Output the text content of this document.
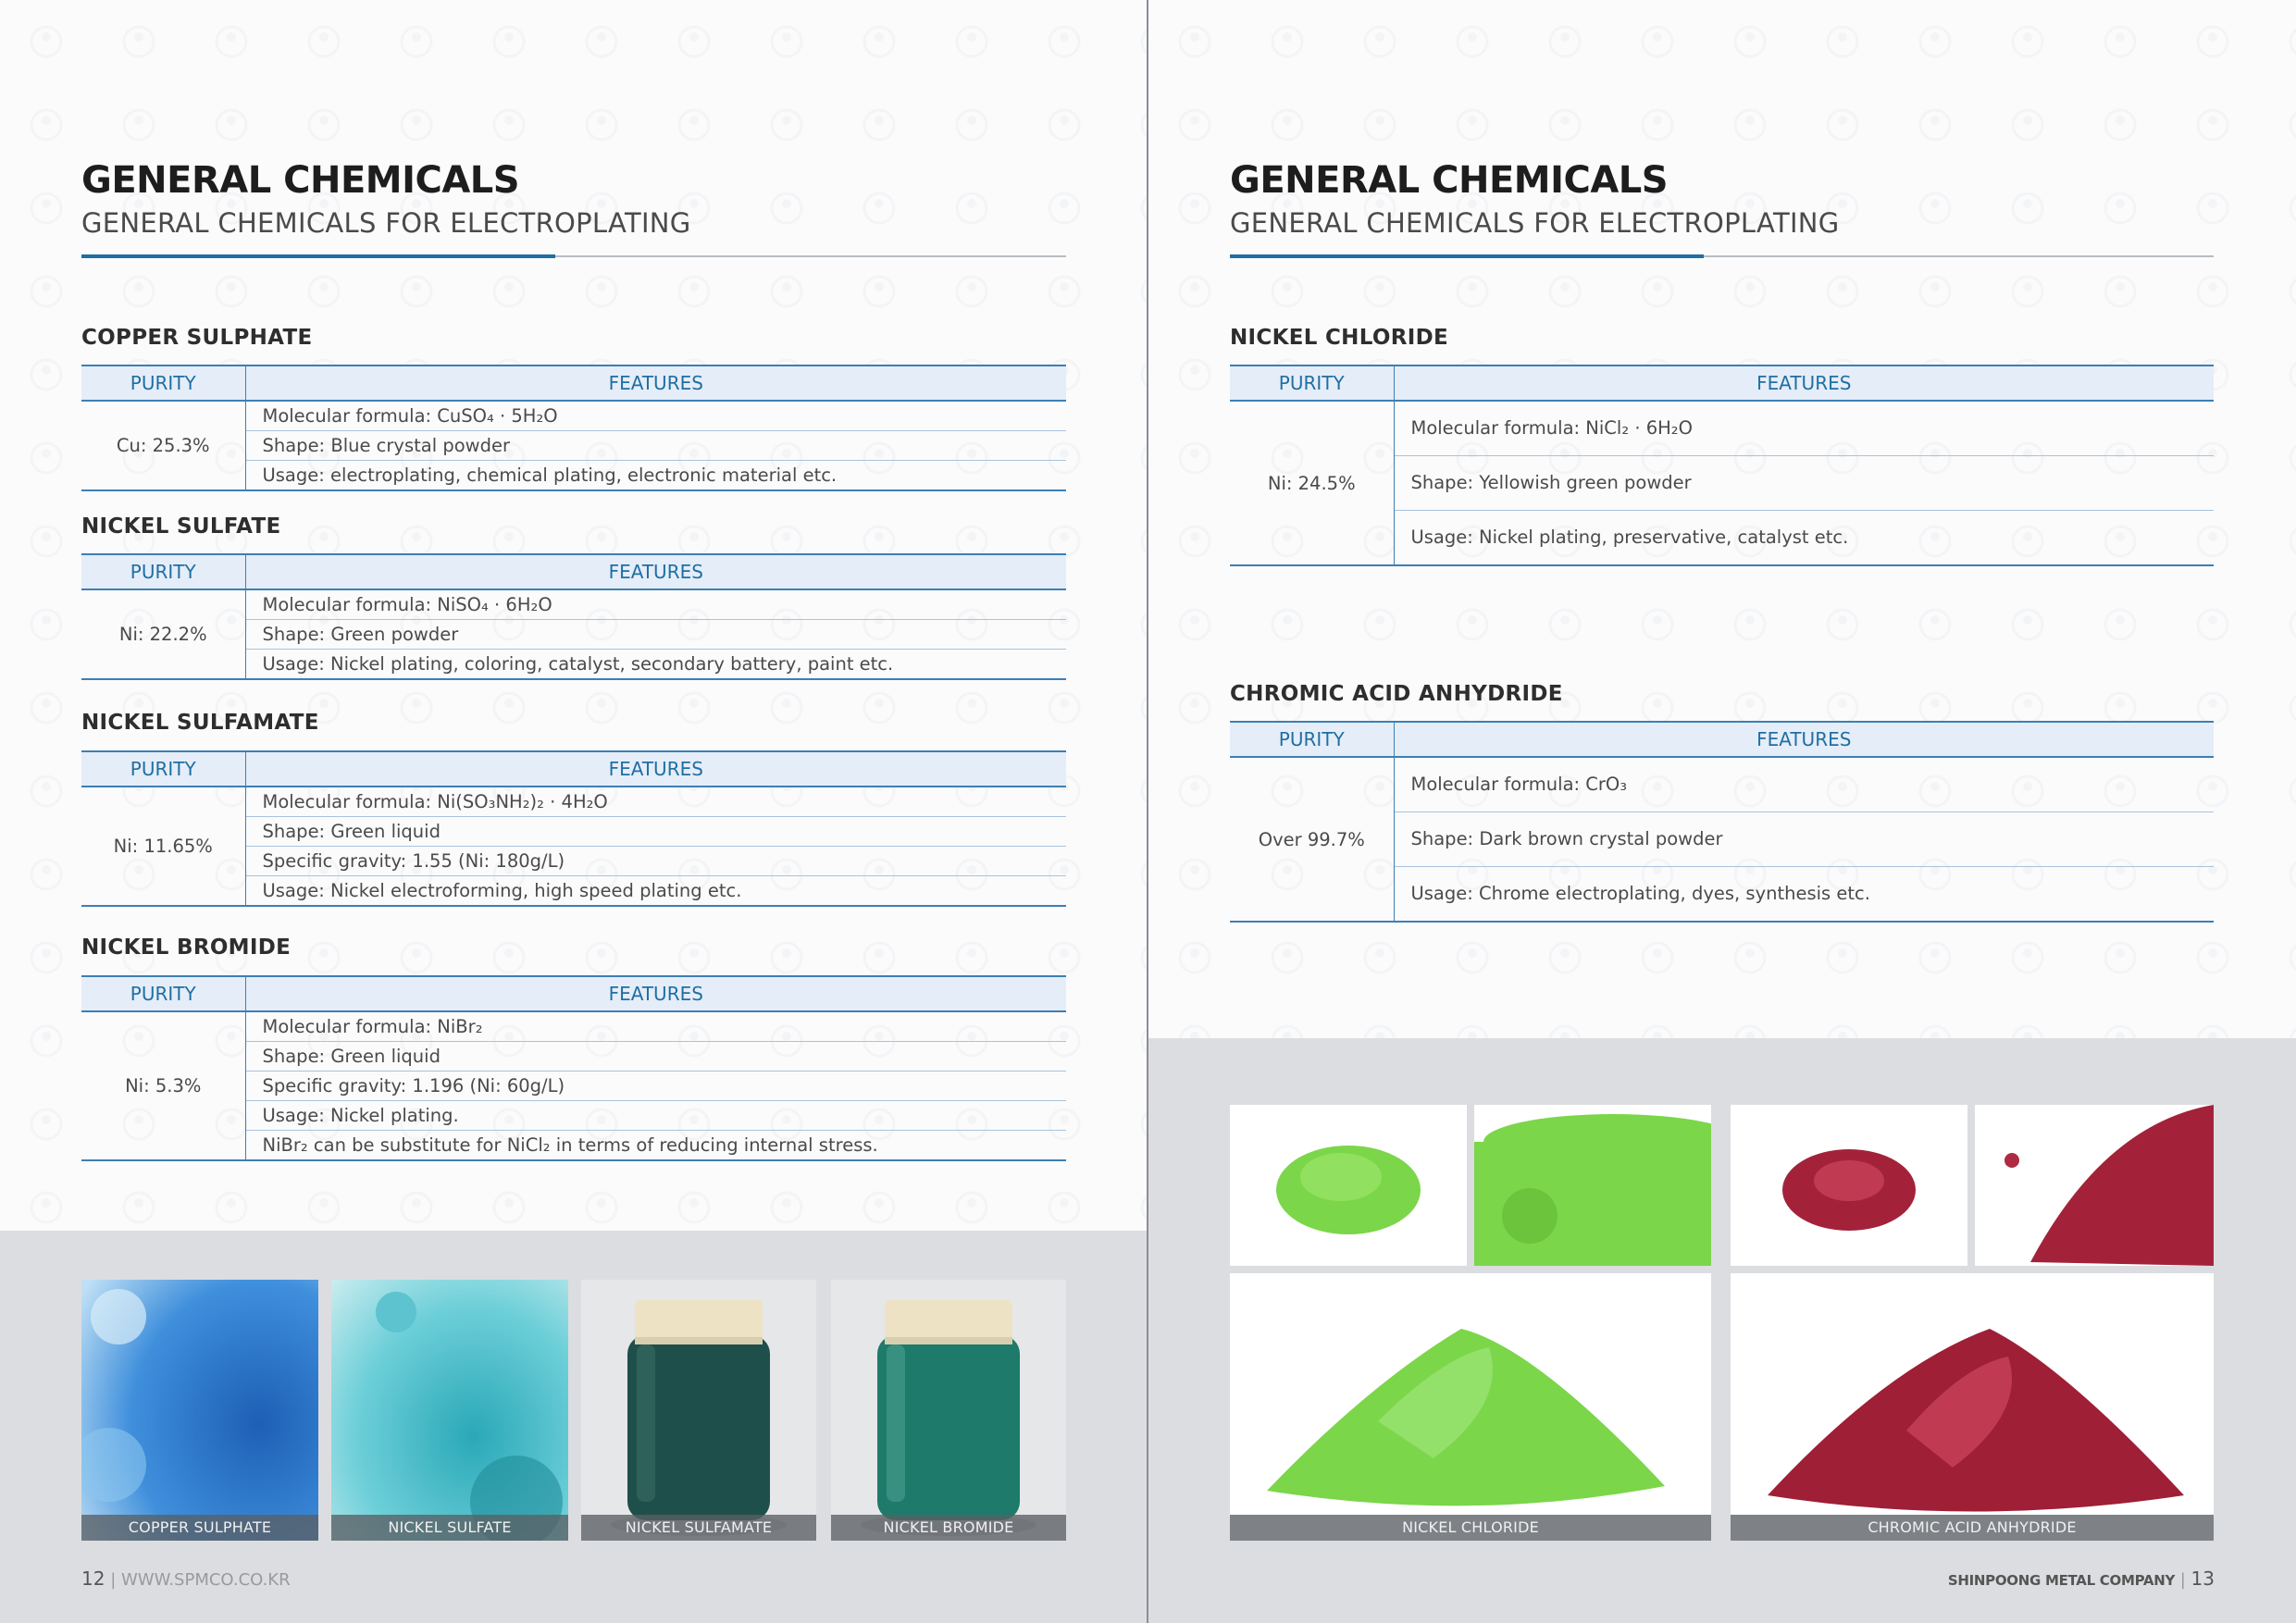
GENERAL CHEMICALS
GENERAL CHEMICALS FOR ELECTROPLATING
COPPER SULPHATE
PURITY	FEATURES
Cu: 25.3%	Molecular formula: CuSO₄ · 5H₂O
	Shape: Blue crystal powder
	Usage: electroplating, chemical plating, electronic material etc.
NICKEL SULFATE
PURITY	FEATURES
Ni: 22.2%	Molecular formula: NiSO₄ · 6H₂O
	Shape: Green powder
	Usage: Nickel plating, coloring, catalyst, secondary battery, paint etc.
NICKEL SULFAMATE
PURITY	FEATURES
Ni: 11.65%	Molecular formula: Ni(SO₃NH₂)₂ · 4H₂O
	Shape: Green liquid
	Specific gravity: 1.55 (Ni: 180g/L)
	Usage: Nickel electroforming, high speed plating etc.
NICKEL BROMIDE
PURITY	FEATURES
Ni: 5.3%	Molecular formula: NiBr₂
	Shape: Green liquid
	Specific gravity: 1.196 (Ni: 60g/L)
	Usage: Nickel plating.
	NiBr₂ can be substitute for NiCl₂ in terms of reducing internal stress.
COPPER SULPHATE	NICKEL SULFATE	NICKEL SULFAMATE	NICKEL BROMIDE
12 | WWW.SPMCO.CO.KR
GENERAL CHEMICALS
GENERAL CHEMICALS FOR ELECTROPLATING
NICKEL CHLORIDE
PURITY	FEATURES
Ni: 24.5%	Molecular formula: NiCl₂ · 6H₂O
	Shape: Yellowish green powder
	Usage: Nickel plating, preservative, catalyst etc.
CHROMIC ACID ANHYDRIDE
PURITY	FEATURES
Over 99.7%	Molecular formula: CrO₃
	Shape: Dark brown crystal powder
	Usage: Chrome electroplating, dyes, synthesis etc.
NICKEL CHLORIDE	CHROMIC ACID ANHYDRIDE
SHINPOONG METAL COMPANY | 13
